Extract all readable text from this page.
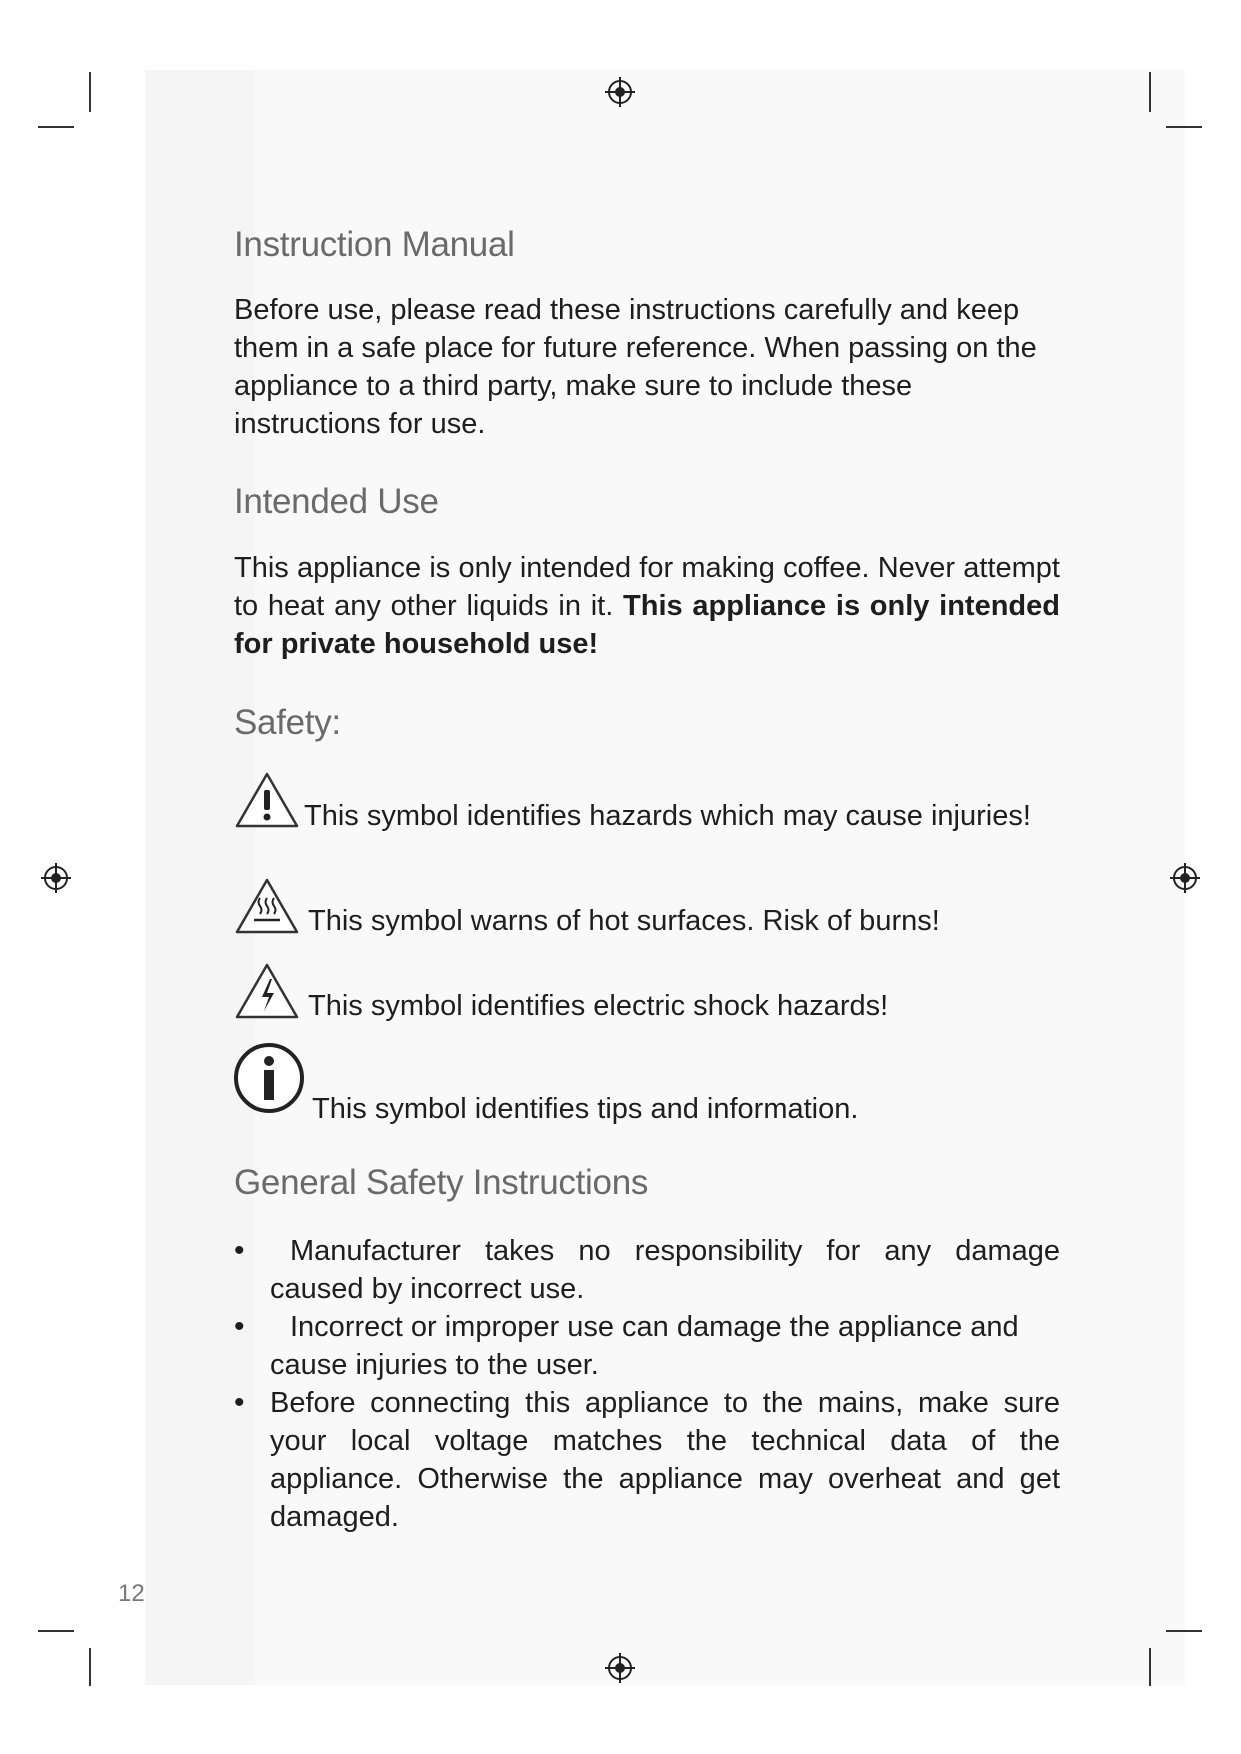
Instruction Manual

Before use, please read these instructions carefully and keep them in a safe place for future reference. When passing on the appliance to a third party, make sure to include these instructions for use.

Intended Use

This appliance is only intended for making coffee. Never attempt to heat any other liquids in it. This appliance is only intended for private household use!

Safety:

This symbol identifies hazards which may cause injuries!

This symbol warns of hot surfaces. Risk of burns!

This symbol identifies electric shock hazards!

This symbol identifies tips and information.

General Safety Instructions
•	Manufacturer takes no responsibility for any damage caused by incorrect use.

•	Incorrect or improper use can damage the appliance and cause injuries to the user.

• Before connecting this appliance to the mains, make sure your local voltage matches the technical data of the appliance. Otherwise the appliance may overheat and get damaged.

12
